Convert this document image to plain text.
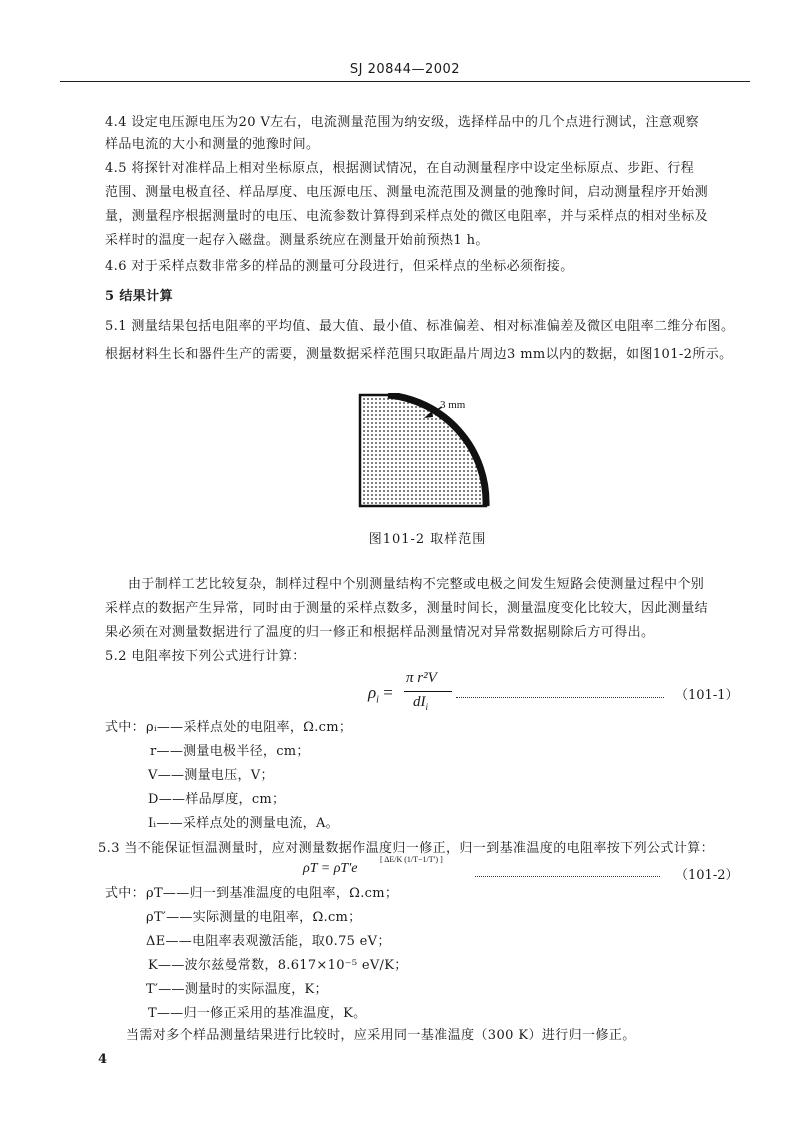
SJ 20844—2002
4.4 设定电压源电压为20 V左右，电流测量范围为纳安级，选择样品中的几个点进行测试，注意观察
样品电流的大小和测量的弛豫时间。
4.5 将探针对准样品上相对坐标原点，根据测试情况，在自动测量程序中设定坐标原点、步距、行程
范围、测量电极直径、样品厚度、电压源电压、测量电流范围及测量的弛豫时间，启动测量程序开始测
量，测量程序根据测量时的电压、电流参数计算得到采样点处的微区电阻率，并与采样点的相对坐标及
采样时的温度一起存入磁盘。测量系统应在测量开始前预热1 h。
4.6 对于采样点数非常多的样品的测量可分段进行，但采样点的坐标必须衔接。
5 结果计算
5.1 测量结果包括电阻率的平均值、最大值、最小值、标准偏差、相对标准偏差及微区电阻率二维分布图。
根据材料生长和器件生产的需要，测量数据采样范围只取距晶片周边3 mm以内的数据，如图101-2所示。
3 mm
图101-2 取样范围
由于制样工艺比较复杂，制样过程中个别测量结构不完整或电极之间发生短路会使测量过程中个别
采样点的数据产生异常，同时由于测量的采样点数多，测量时间长，测量温度变化比较大，因此测量结
果必须在对测量数据进行了温度的归一修正和根据样品测量情况对异常数据剔除后方可得出。
5.2 电阻率按下列公式进行计算：
$\rho_i$ =
π r²V
$dI_i$
（101-1）
式中： ρᵢ——采样点处的电阻率，Ω.cm；
r——测量电极半径，cm；
V——测量电压，V；
D——样品厚度，cm；
Iᵢ——采样点处的测量电流，A。
5.3 当不能保证恒温测量时，应对测量数据作温度归一修正，归一到基准温度的电阻率按下列公式计算：
ρT = ρT′e
[ ΔE/K (1/T−1/T′) ]
（101-2）
式中： ρT——归一到基准温度的电阻率，Ω.cm；
ρT′——实际测量的电阻率，Ω.cm；
ΔE——电阻率表观激活能，取0.75 eV；
K——波尔兹曼常数，8.617×10⁻⁵ eV/K；
T′——测量时的实际温度，K；
T——归一修正采用的基准温度，K。
当需对多个样品测量结果进行比较时，应采用同一基准温度（300 K）进行归一修正。
4
